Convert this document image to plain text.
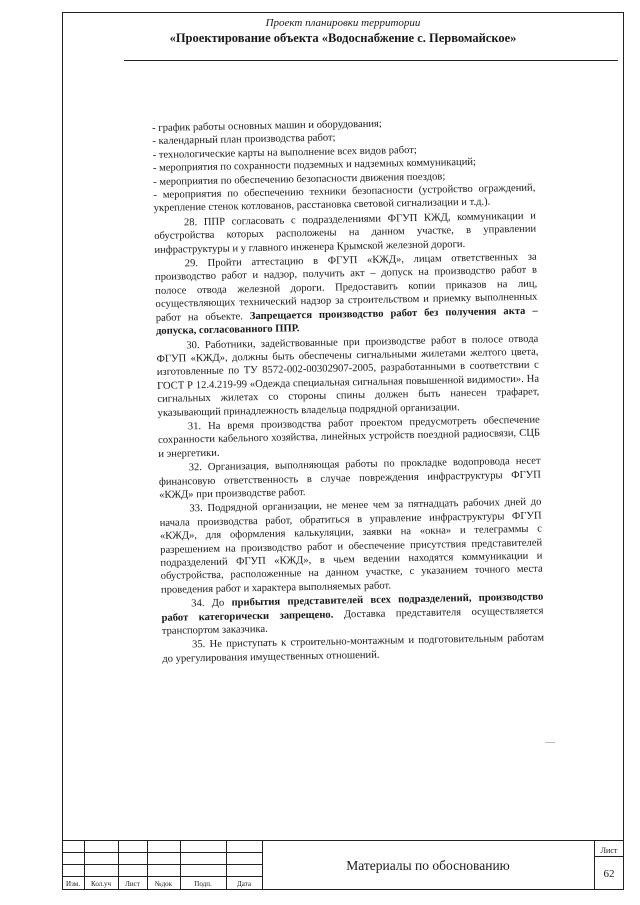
Проект планировки территории
«Проектирование объекта «Водоснабжение с. Первомайское»

- график работы основных машин и оборудования;

- календарный план производства работ;

- технологические карты на выполнение всех видов работ;

- мероприятия по сохранности подземных и надземных коммуникаций;

- мероприятия по обеспечению безопасности движения поездов;

- мероприятия по обеспечению техники безопасности (устройство ограждений, укрепление стенок котлованов, расстановка световой сигнализации и т.д.).

28. ППР согласовать с подразделениями ФГУП КЖД, коммуникации и обустройства которых расположены на данном участке, в управлении инфраструктуры и у главного инженера Крымской железной дороги.

29. Пройти аттестацию в ФГУП «КЖД», лицам ответственных за производство работ и надзор, получить акт – допуск на производство работ в полосе отвода железной дороги. Предоставить копии приказов на лиц, осуществляющих технический надзор за строительством и приемку выполненных работ на объекте. Запрещается производство работ без получения акта – допуска, согласованного ППР.

30. Работники, задействованные при производстве работ в полосе отвода ФГУП «КЖД», должны быть обеспечены сигнальными жилетами желтого цвета, изготовленные по ТУ 8572-002-00302907-2005, разработанными в соответствии с ГОСТ Р 12.4.219-99 «Одежда специальная сигнальная повышенной видимости». На сигнальных жилетах со стороны спины должен быть нанесен трафарет, указывающий принадлежность владельца подрядной организации.

31. На время производства работ проектом предусмотреть обеспечение сохранности кабельного хозяйства, линейных устройств поездной радиосвязи, СЦБ и энергетики.

32. Организация, выполняющая работы по прокладке водопровода несет финансовую ответственность в случае повреждения инфраструктуры ФГУП «КЖД» при производстве работ.

33. Подрядной организации, не менее чем за пятнадцать рабочих дней до начала производства работ, обратиться в управление инфраструктуры ФГУП «КЖД», для оформления калькуляции, заявки на «окна» и телеграммы с разрешением на производство работ и обеспечение присутствия представителей подразделений ФГУП «КЖД», в чьем ведении находятся коммуникации и обустройства, расположенные на данном участке, с указанием точного места проведения работ и характера выполняемых работ.

34. До прибытия представителей всех подразделений, производство работ категорически запрещено. Доставка представителя осуществляется транспортом заказчика.

35. Не приступать к строительно-монтажным и подготовительным работам до урегулирования имущественных отношений.

Изм.	Кол.уч	Лист	№док	Подп.	Дата
Материалы по обоснованию
Лист
62
